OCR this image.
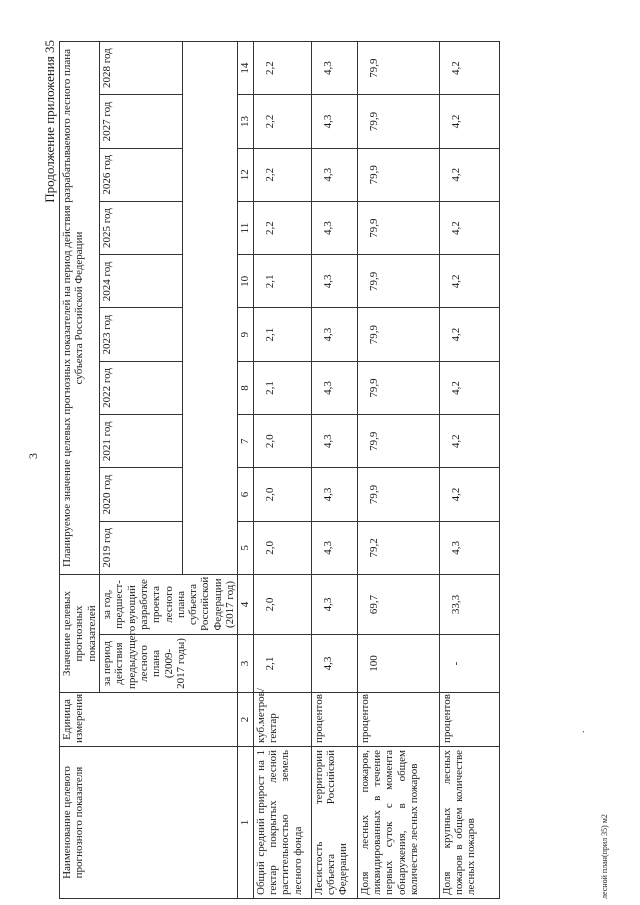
3
Продолжение приложения 35
Наименование целевого прогнозного показателя	Единица измерения	Значение целевых прогнозных показателей		Планируемое значение целевых прогнозных показателей на период действия разрабатываемого лесного плана субъекта Российской Федерации									
		за период действия предыдущего лесного плана (2009-2017 годы)	за год, предшест-вующий разработке проекта лесного плана субъекта Российской Федерации (2017 год)	2019 год	2020 год	2021 год	2022 год	2023 год	2024 год	2025 год	2026 год	2027 год	2028 год

1	2	3	4	5	6	7	8	9	10	11	12	13	14
Общий средний прирост на 1 гектар покрытых лесной растительностью земель лесного фонда	куб.метров/ гектар	2,1	2,0	2,0	2,0	2,0	2,1	2,1	2,1	2,2	2,2	2,2	2,2
Лесистость территории субъекта Российской Федерации	процентов	4,3	4,3	4,3	4,3	4,3	4,3	4,3	4,3	4,3	4,3	4,3	4,3
Доля лесных пожаров, ликвидированных в течение первых суток с момента обнаружения, в общем количестве лесных пожаров	процентов	100	69,7	79,2	79,9	79,9	79,9	79,9	79,9	79,9	79,9	79,9	79,9
Доля крупных лесных пожаров в общем количестве лесных пожаров	процентов	-	33,3	4,3	4,2	4,2	4,2	4,2	4,2	4,2	4,2	4,2	4,2
.
лесной план(прил 35) м2
